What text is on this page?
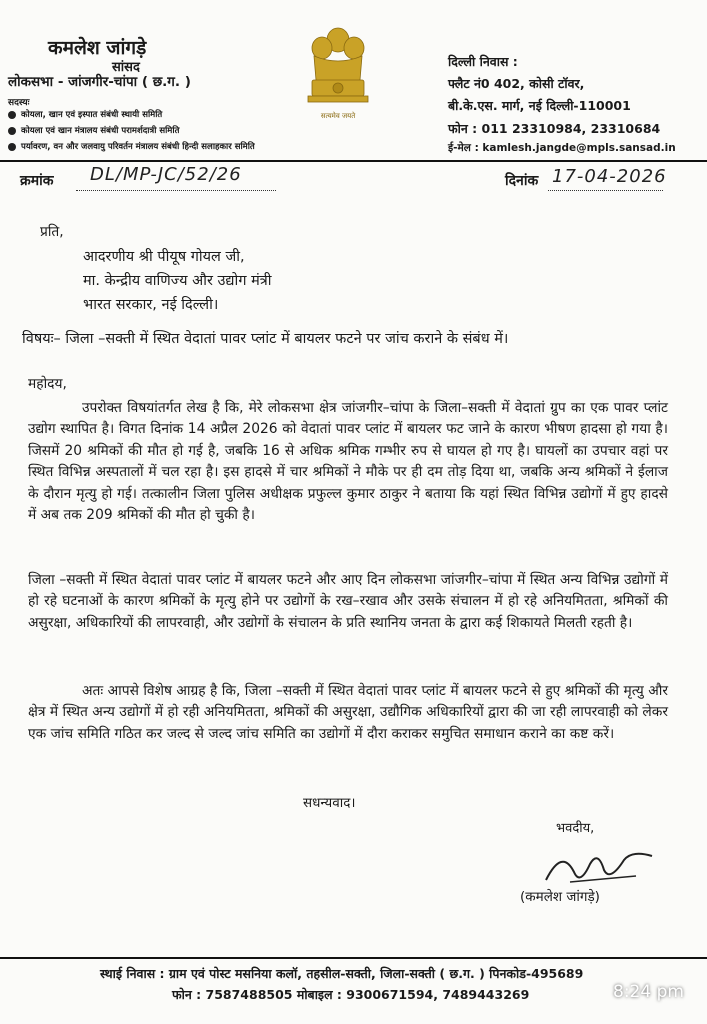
कमलेश जांगड़े
सांसद
लोकसभा - जांजगीर-चांपा ( छ.ग. )
सदस्यः
कोयला, खान एवं इस्पात संबंधी स्थायी समिति
कोयला एवं खान मंत्रालय संबंधी परामर्शदात्री समिति
पर्यावरण, वन और जलवायु परिवर्तन मंत्रालय संबंधी हिन्दी सलाहकार समिति
सत्यमेव जयते
दिल्ली निवास :
फ्लैट नं0 402, कोसी टॉवर,
बी.के.एस. मार्ग, नई दिल्ली-110001
फोन : 011 23310984, 23310684
ई-मेल : kamlesh.jangde@mpls.sansad.in
क्रमांक DL/MP-JC/52/26	दिनांक 17-04-2026
प्रति,
आदरणीय श्री पीयूष गोयल जी,
मा. केन्द्रीय वाणिज्य और उद्योग मंत्री
भारत सरकार, नई दिल्ली।
विषयः– जिला –सक्ती में स्थित वेदातां पावर प्लांट में बायलर फटने पर जांच कराने के संबंध में।
महोदय,
उपरोक्त विषयांतर्गत लेख है कि, मेरे लोकसभा क्षेत्र जांजगीर–चांपा के जिला–सक्ती में वेदातां ग्रुप का एक पावर प्लांट उद्योग स्थापित है। विगत दिनांक 14 अप्रैल 2026 को वेदातां पावर प्लांट में बायलर फट जाने के कारण भीषण हादसा हो गया है। जिसमें 20 श्रमिकों की मौत हो गई है, जबकि 16 से अधिक श्रमिक गम्भीर रुप से घायल हो गए है। घायलों का उपचार वहां पर स्थित विभिन्न अस्पतालों में चल रहा है। इस हादसे में चार श्रमिकों ने मौके पर ही दम तोड़ दिया था, जबकि अन्य श्रमिकों ने ईलाज के दौरान मृत्यु हो गई। तत्कालीन जिला पुलिस अधीक्षक प्रफुल्ल कुमार ठाकुर ने बताया कि यहां स्थित विभिन्न उद्योगों में हुए हादसे में अब तक 209 श्रमिकों की मौत हो चुकी है।
जिला –सक्ती में स्थित वेदातां पावर प्लांट में बायलर फटने और आए दिन लोकसभा जांजगीर–चांपा में स्थित अन्य विभिन्न उद्योगों में हो रहे घटनाओं के कारण श्रमिकों के मृत्यु होने पर उद्योगों के रख–रखाव और उसके संचालन में हो रहे अनियमितता, श्रमिकों की असुरक्षा, अधिकारियों की लापरवाही, और उद्योगों के संचालन के प्रति स्थानिय जनता के द्वारा कई शिकायते मिलती रहती है।
अतः आपसे विशेष आग्रह है कि, जिला –सक्ती में स्थित वेदातां पावर प्लांट में बायलर फटने से हुए श्रमिकों की मृत्यु और क्षेत्र में स्थित अन्य उद्योगों में हो रही अनियमितता, श्रमिकों की असुरक्षा, उद्यौगिक अधिकारियों द्वारा की जा रही लापरवाही को लेकर एक जांच समिति गठित कर जल्द से जल्द जांच समिति का उद्योगों में दौरा कराकर समुचित समाधान कराने का कष्ट करें।
सधन्यवाद।
भवदीय,
(कमलेश जांगड़े)
स्थाई निवास : ग्राम एवं पोस्ट मसनिया कलॉ, तहसील-सक्ती, जिला-सक्ती ( छ.ग. ) पिनकोड-495689
फोन : 7587488505 मोबाइल : 9300671594, 7489443269	8:24 pm
